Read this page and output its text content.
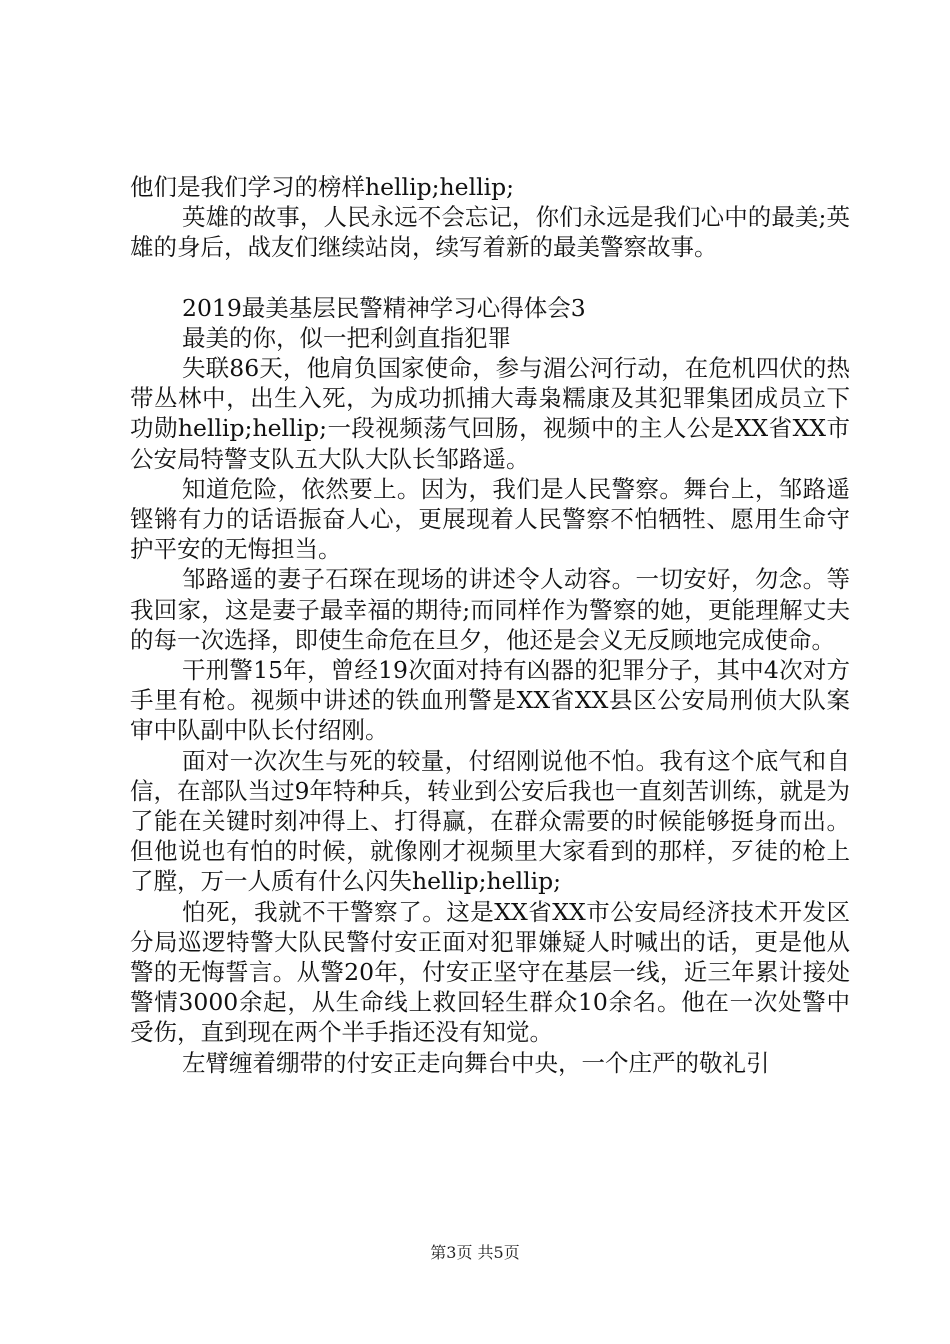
他们是我们学习的榜样hellip;hellip;

英雄的故事，人民永远不会忘记，你们永远是我们心中的最美;英雄的身后，战友们继续站岗，续写着新的最美警察故事。

2019最美基层民警精神学习心得体会3

最美的你，似一把利剑直指犯罪

失联86天，他肩负国家使命，参与湄公河行动，在危机四伏的热带丛林中，出生入死，为成功抓捕大毒枭糯康及其犯罪集团成员立下功勋hellip;hellip;一段视频荡气回肠，视频中的主人公是XX省XX市公安局特警支队五大队大队长邹路遥。

知道危险，依然要上。因为，我们是人民警察。舞台上，邹路遥铿锵有力的话语振奋人心，更展现着人民警察不怕牺牲、愿用生命守护平安的无悔担当。

邹路遥的妻子石琛在现场的讲述令人动容。一切安好，勿念。等我回家，这是妻子最幸福的期待;而同样作为警察的她，更能理解丈夫的每一次选择，即使生命危在旦夕，他还是会义无反顾地完成使命。

干刑警15年，曾经19次面对持有凶器的犯罪分子，其中4次对方手里有枪。视频中讲述的铁血刑警是XX省XX县区公安局刑侦大队案审中队副中队长付绍刚。

面对一次次生与死的较量，付绍刚说他不怕。我有这个底气和自信，在部队当过9年特种兵，转业到公安后我也一直刻苦训练，就是为了能在关键时刻冲得上、打得赢，在群众需要的时候能够挺身而出。但他说也有怕的时候，就像刚才视频里大家看到的那样，歹徒的枪上了膛，万一人质有什么闪失hellip;hellip;

怕死，我就不干警察了。这是XX省XX市公安局经济技术开发区分局巡逻特警大队民警付安正面对犯罪嫌疑人时喊出的话，更是他从警的无悔誓言。从警20年，付安正坚守在基层一线，近三年累计接处警情3000余起，从生命线上救回轻生群众10余名。他在一次处警中受伤，直到现在两个半手指还没有知觉。

左臂缠着绷带的付安正走向舞台中央，一个庄严的敬礼引

第3页 共5页
